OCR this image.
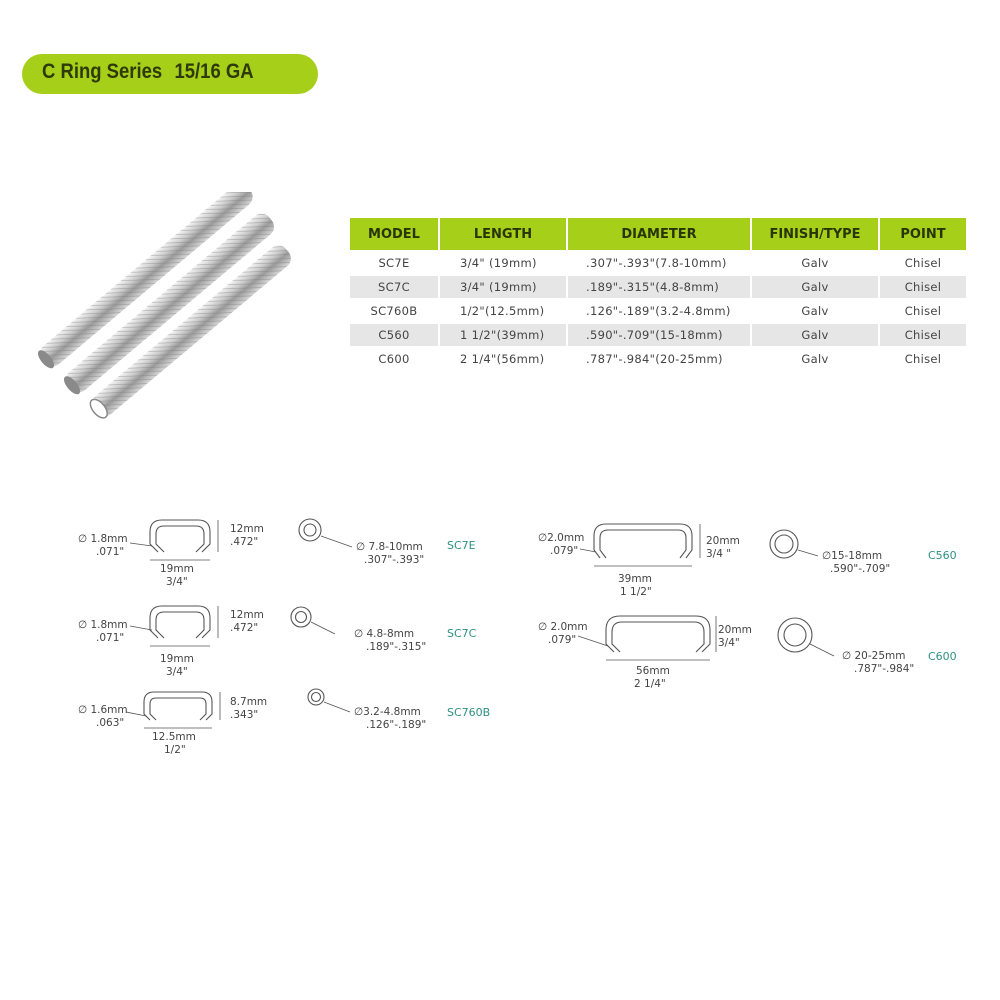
C Ring Series 15/16 GA
MODEL	LENGTH	DIAMETER	FINISH/TYPE	POINT
SC7E	3/4" (19mm)	.307"-.393"(7.8-10mm)	Galv	Chisel
SC7C	3/4" (19mm)	.189"-.315"(4.8-8mm)	Galv	Chisel
SC760B	1/2"(12.5mm)	.126"-.189"(3.2-4.8mm)	Galv	Chisel
C560	1 1/2"(39mm)	.590"-.709"(15-18mm)	Galv	Chisel
C600	2 1/4"(56mm)	.787"-.984"(20-25mm)	Galv	Chisel
∅ 1.8mm
.071"
12mm
.472"
19mm
3/4"
∅ 7.8-10mm
.307"-.393"
SC7E
∅ 1.8mm
.071"
12mm
.472"
19mm
3/4"
∅ 4.8-8mm
.189"-.315"
SC7C
∅ 1.6mm
.063"
8.7mm
.343"
12.5mm
1/2"
∅3.2-4.8mm
.126"-.189"
SC760B
∅2.0mm
.079"
20mm
3/4 "
39mm
1 1/2"
∅15-18mm
.590"-.709"
C560
∅ 2.0mm
.079"
20mm
3/4"
56mm
2 1/4"
∅ 20-25mm
.787"-.984"
C600
